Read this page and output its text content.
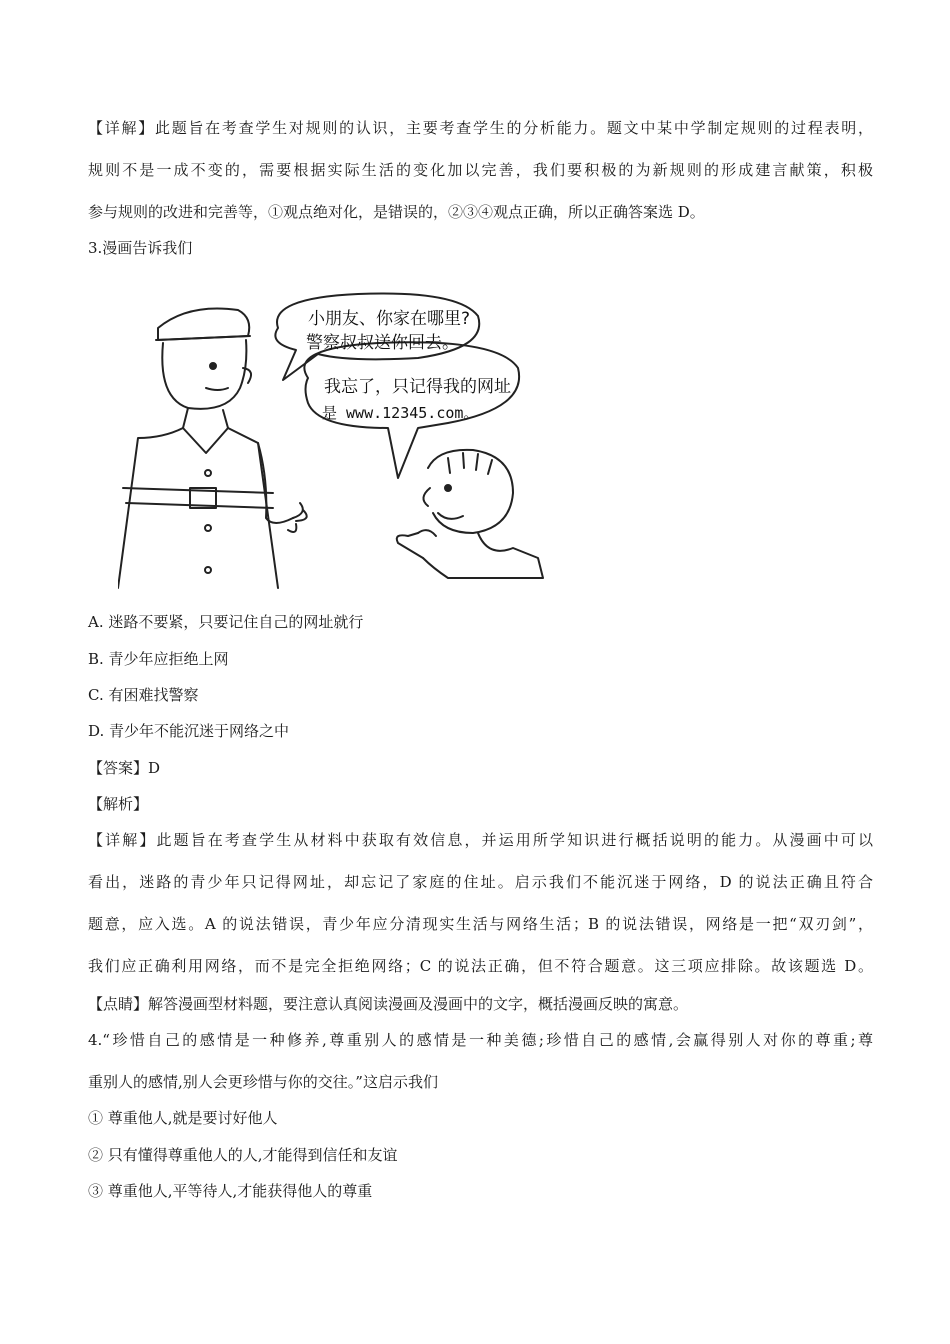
【详解】此题旨在考查学生对规则的认识，主要考查学生的分析能力。题文中某中学制定规则的过程表明，
规则不是一成不变的，需要根据实际生活的变化加以完善，我们要积极的为新规则的形成建言献策，积极
参与规则的改进和完善等，①观点绝对化，是错误的，②③④观点正确，所以正确答案选 D。
3.漫画告诉我们
小朋友、你家在哪里?
警察叔叔送你回去。
我忘了，只记得我的网址
是 www.12345.com。
A. 迷路不要紧，只要记住自己的网址就行
B. 青少年应拒绝上网
C. 有困难找警察
D. 青少年不能沉迷于网络之中
【答案】D
【解析】
【详解】此题旨在考查学生从材料中获取有效信息，并运用所学知识进行概括说明的能力。从漫画中可以
看出，迷路的青少年只记得网址，却忘记了家庭的住址。启示我们不能沉迷于网络，D 的说法正确且符合
题意，应入选。A 的说法错误，青少年应分清现实生活与网络生活；B 的说法错误，网络是一把“双刃剑”，
我们应正确利用网络，而不是完全拒绝网络；C 的说法正确，但不符合题意。这三项应排除。故该题选 D。
【点睛】解答漫画型材料题，要注意认真阅读漫画及漫画中的文字，概括漫画反映的寓意。
4.“珍惜自己的感情是一种修养,尊重别人的感情是一种美德;珍惜自己的感情,会赢得别人对你的尊重;尊
重别人的感情,别人会更珍惜与你的交往。”这启示我们
① 尊重他人,就是要讨好他人
② 只有懂得尊重他人的人,才能得到信任和友谊
③ 尊重他人,平等待人,才能获得他人的尊重
